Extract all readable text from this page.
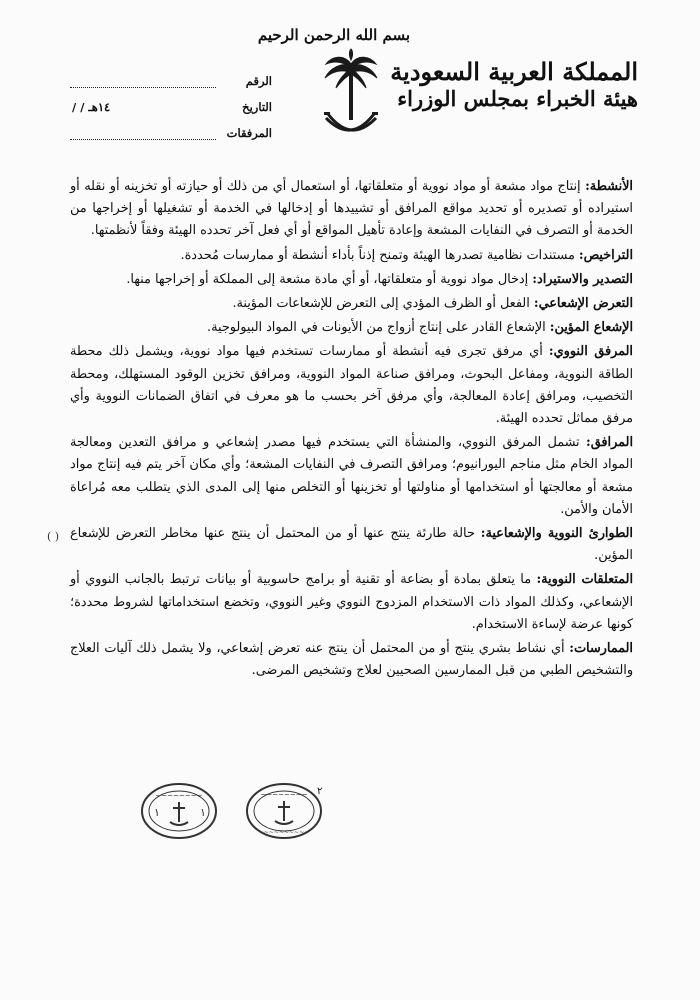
بسم الله الرحمن الرحيم
المملكة العربية السعودية
هيئة الخبراء بمجلس الوزراء
الرقم
التاريخ
/ / ١٤هـ
المرفقات

الأنشطة: إنتاج مواد مشعة أو مواد نووية أو متعلقاتها، أو استعمال أي من ذلك أو حيازته أو تخزينه أو نقله أو استيراده أو تصديره أو تحديد مواقع المرافق أو تشييدها أو إدخالها في الخدمة أو تشغيلها أو إخراجها من الخدمة أو التصرف في النفايات المشعة وإعادة تأهيل المواقع أو أي فعل آخر تحدده الهيئة وفقاً لأنظمتها.

التراخيص: مستندات نظامية تصدرها الهيئة وتمنح إذناً بأداء أنشطة أو ممارسات مُحددة.

التصدير والاستيراد: إدخال مواد نووية أو متعلقاتها، أو أي مادة مشعة إلى المملكة أو إخراجها منها.

التعرض الإشعاعي: الفعل أو الظرف المؤدي إلى التعرض للإشعاعات المؤينة.

الإشعاع المؤين: الإشعاع القادر على إنتاج أزواج من الأيونات في المواد البيولوجية.

المرفق النووي: أي مرفق تجرى فيه أنشطة أو ممارسات تستخدم فيها مواد نووية، ويشمل ذلك محطة الطاقة النووية، ومفاعل البحوث، ومرافق صناعة المواد النووية، ومرافق تخزين الوقود المستهلك، ومحطة التخصيب، ومرافق إعادة المعالجة، وأي مرفق آخر بحسب ما هو معرف في اتفاق الضمانات النووية وأي مرفق مماثل تحدده الهيئة.

المرافق: تشمل المرفق النووي، والمنشأة التي يستخدم فيها مصدر إشعاعي و مرافق التعدين ومعالجة المواد الخام مثل مناجم اليورانيوم؛ ومرافق التصرف في النفايات المشعة؛ وأي مكان آخر يتم فيه إنتاج مواد مشعة أو معالجتها أو استخدامها أو مناولتها أو تخزينها أو التخلص منها إلى المدى الذي يتطلب معه مُراعاة الأمان والأمن.

الطوارئ النووية والإشعاعية: حالة طارئة ينتج عنها أو من المحتمل أن ينتج عنها مخاطر التعرض للإشعاع المؤين.

المتعلقات النووية: ما يتعلق بمادة أو بضاعة أو تقنية أو برامج حاسوبية أو بيانات ترتبط بالجانب النووي أو الإشعاعي، وكذلك المواد ذات الاستخدام المزدوج النووي وغير النووي، وتخضع استخداماتها لشروط محددة؛ كونها عرضة لإساءة الاستخدام.

الممارسات: أي نشاط بشري ينتج أو من المحتمل أن ينتج عنه تعرض إشعاعي، ولا يشمل ذلك آليات العلاج والتشخيص الطبي من قبل الممارسين الصحيين لعلاج وتشخيص المرضى.

( )
٢
~~~~~~~~
١	١
~~~~~~~~
~~~~~~~~~~
